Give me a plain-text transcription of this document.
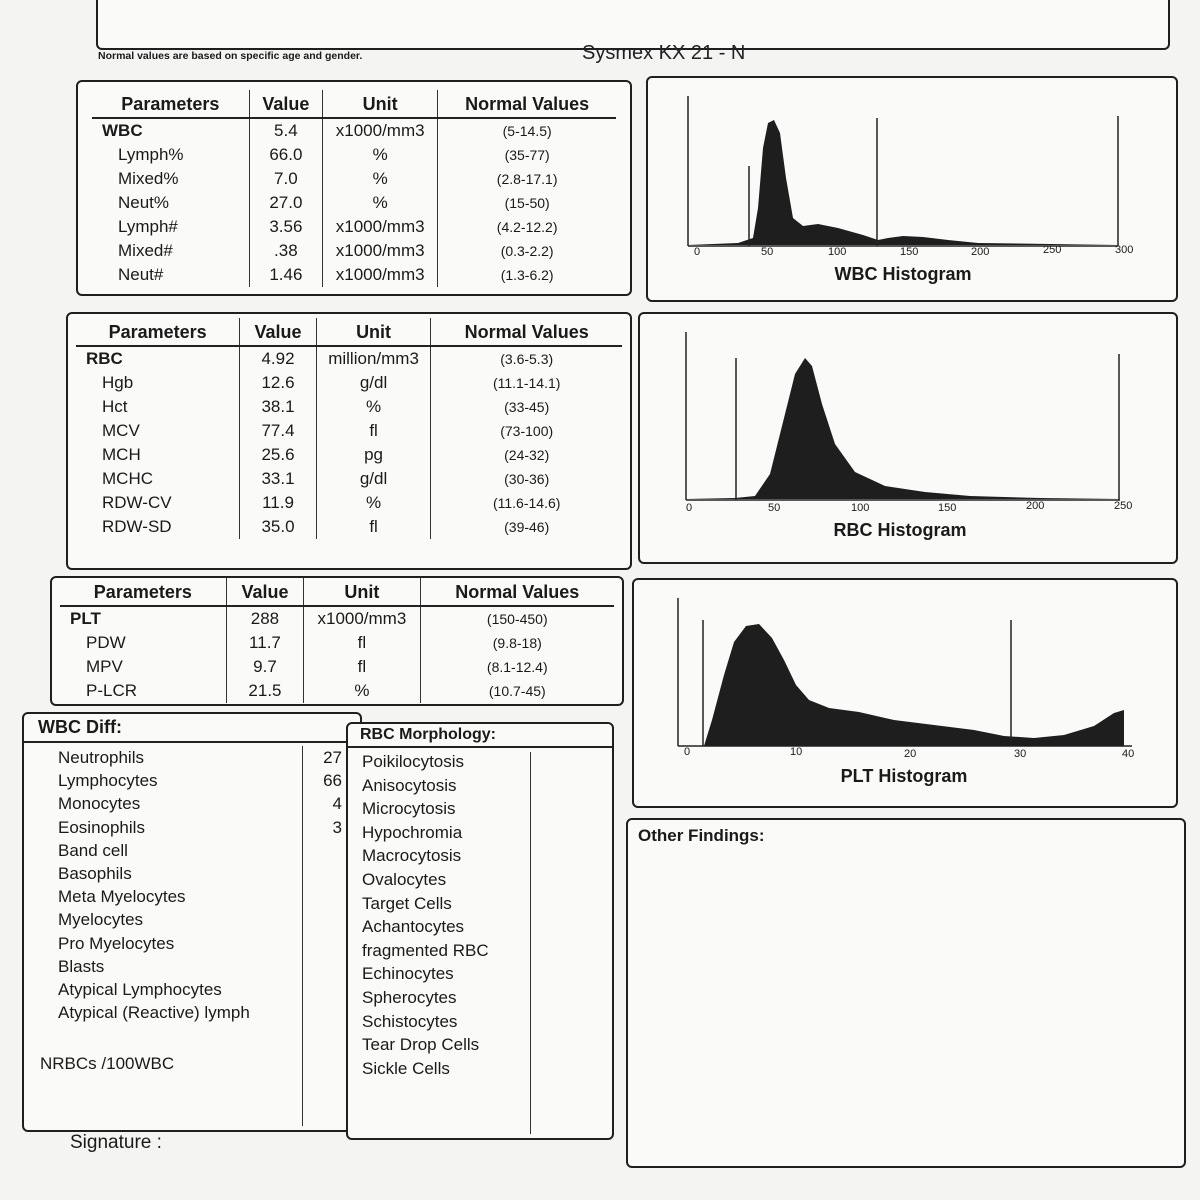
Normal values are based on specific age and gender.	Sysmex KX 21 - N
Parameters	Value	Unit	Normal Values
WBC	5.4	x1000/mm3	(5-14.5)
Lymph%	66.0	%	(35-77)
Mixed%	7.0	%	(2.8-17.1)
Neut%	27.0	%	(15-50)
Lymph#	3.56	x1000/mm3	(4.2-12.2)
Mixed#	.38	x1000/mm3	(0.3-2.2)
Neut#	1.46	x1000/mm3	(1.3-6.2)
Parameters	Value	Unit	Normal Values
RBC	4.92	million/mm3	(3.6-5.3)
Hgb	12.6	g/dl	(11.1-14.1)
Hct	38.1	%	(33-45)
MCV	77.4	fl	(73-100)
MCH	25.6	pg	(24-32)
MCHC	33.1	g/dl	(30-36)
RDW-CV	11.9	%	(11.6-14.6)
RDW-SD	35.0	fl	(39-46)
Parameters	Value	Unit	Normal Values
PLT	288	x1000/mm3	(150-450)
PDW	11.7	fl	(9.8-18)
MPV	9.7	fl	(8.1-12.4)
P-LCR	21.5	%	(10.7-45)
0	50	100	150	200	250	300
WBC Histogram
0	50	100	150	200	250
RBC Histogram
0	10	20	30	40
PLT Histogram
WBC Diff:
Neutrophils	27
Lymphocytes	66
Monocytes	4
Eosinophils	3
Band cell
Basophils
Meta Myelocytes
Myelocytes
Pro Myelocytes
Blasts
Atypical Lymphocytes
Atypical (Reactive) lymph
NRBCs /100WBC
RBC Morphology:
Poikilocytosis
Anisocytosis
Microcytosis
Hypochromia
Macrocytosis
Ovalocytes
Target Cells
Achantocytes
fragmented RBC
Echinocytes
Spherocytes
Schistocytes
Tear Drop Cells
Sickle Cells
Other Findings:
Signature :
